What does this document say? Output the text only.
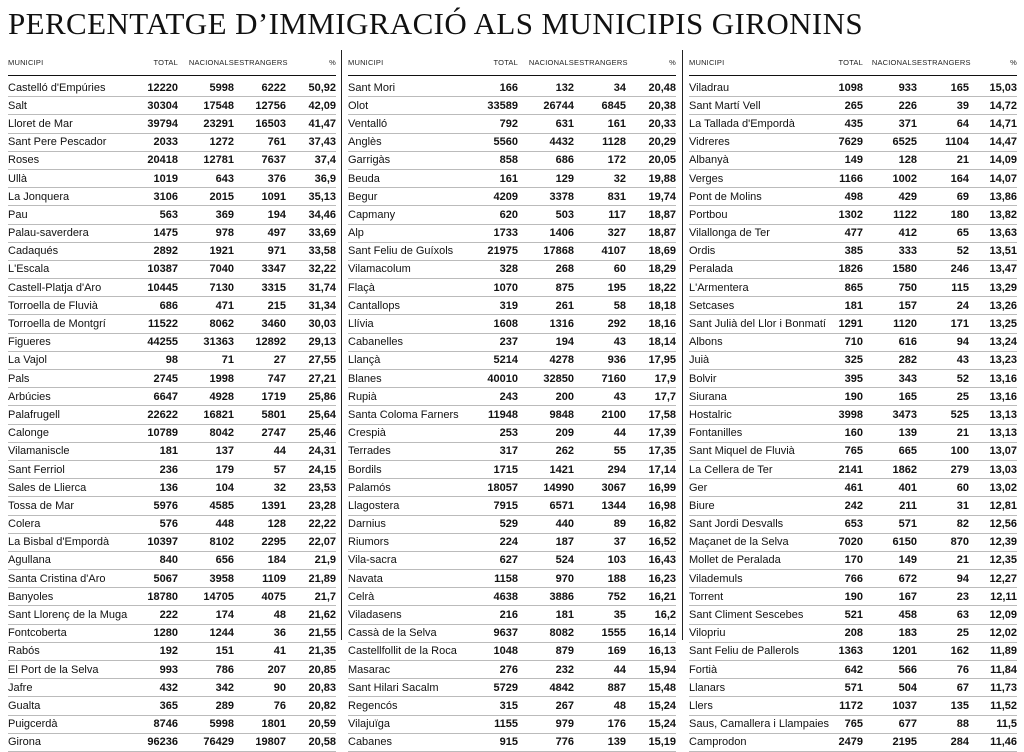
PERCENTATGE D’IMMIGRACIÓ ALS MUNICIPIS GIRONINS
MUNICIPI	TOTAL	NACIONALS ESTRANGERS	%
Castelló d'Empúries	12220	5998	6222	50,92
Salt	30304	17548	12756	42,09
Lloret de Mar	39794	23291	16503	41,47
Sant Pere Pescador	2033	1272	761	37,43
Roses	20418	12781	7637	37,4
Ullà	1019	643	376	36,9
La Jonquera	3106	2015	1091	35,13
Pau	563	369	194	34,46
Palau-saverdera	1475	978	497	33,69
Cadaqués	2892	1921	971	33,58
L'Escala	10387	7040	3347	32,22
Castell-Platja d'Aro	10445	7130	3315	31,74
Torroella de Fluvià	686	471	215	31,34
Torroella de Montgrí	11522	8062	3460	30,03
Figueres	44255	31363	12892	29,13
La Vajol	98	71	27	27,55
Pals	2745	1998	747	27,21
Arbúcies	6647	4928	1719	25,86
Palafrugell	22622	16821	5801	25,64
Calonge	10789	8042	2747	25,46
Vilamaniscle	181	137	44	24,31
Sant Ferriol	236	179	57	24,15
Sales de Llierca	136	104	32	23,53
Tossa de Mar	5976	4585	1391	23,28
Colera	576	448	128	22,22
La Bisbal d'Empordà	10397	8102	2295	22,07
Agullana	840	656	184	21,9
Santa Cristina d'Aro	5067	3958	1109	21,89
Banyoles	18780	14705	4075	21,7
Sant Llorenç de la Muga	222	174	48	21,62
Fontcoberta	1280	1244	36	21,55
Rabós	192	151	41	21,35
El Port de la Selva	993	786	207	20,85
Jafre	432	342	90	20,83
Gualta	365	289	76	20,82
Puigcerdà	8746	5998	1801	20,59
Girona	96236	76429	19807	20,58
MUNICIPI	TOTAL	NACIONALS ESTRANGERS	%
Sant Mori	166	132	34	20,48
Olot	33589	26744	6845	20,38
Ventalló	792	631	161	20,33
Anglès	5560	4432	1128	20,29
Garrigàs	858	686	172	20,05
Beuda	161	129	32	19,88
Begur	4209	3378	831	19,74
Capmany	620	503	117	18,87
Alp	1733	1406	327	18,87
Sant Feliu de Guíxols	21975	17868	4107	18,69
Vilamacolum	328	268	60	18,29
Flaçà	1070	875	195	18,22
Cantallops	319	261	58	18,18
Llívia	1608	1316	292	18,16
Cabanelles	237	194	43	18,14
Llançà	5214	4278	936	17,95
Blanes	40010	32850	7160	17,9
Rupià	243	200	43	17,7
Santa Coloma Farners	11948	9848	2100	17,58
Crespià	253	209	44	17,39
Terrades	317	262	55	17,35
Bordils	1715	1421	294	17,14
Palamós	18057	14990	3067	16,99
Llagostera	7915	6571	1344	16,98
Darnius	529	440	89	16,82
Riumors	224	187	37	16,52
Vila-sacra	627	524	103	16,43
Navata	1158	970	188	16,23
Celrà	4638	3886	752	16,21
Viladasens	216	181	35	16,2
Cassà de la Selva	9637	8082	1555	16,14
Castellfollit de la Roca	1048	879	169	16,13
Masarac	276	232	44	15,94
Sant Hilari Sacalm	5729	4842	887	15,48
Regencós	315	267	48	15,24
Vilajuïga	1155	979	176	15,24
Cabanes	915	776	139	15,19
MUNICIPI	TOTAL	NACIONALS ESTRANGERS	%
Viladrau	1098	933	165	15,03
Sant Martí Vell	265	226	39	14,72
La Tallada d'Empordà	435	371	64	14,71
Vidreres	7629	6525	1104	14,47
Albanyà	149	128	21	14,09
Verges	1166	1002	164	14,07
Pont de Molins	498	429	69	13,86
Portbou	1302	1122	180	13,82
Vilallonga de Ter	477	412	65	13,63
Ordis	385	333	52	13,51
Peralada	1826	1580	246	13,47
L'Armentera	865	750	115	13,29
Setcases	181	157	24	13,26
Sant Julià del Llor i Bonmatí	1291	1120	171	13,25
Albons	710	616	94	13,24
Juià	325	282	43	13,23
Bolvir	395	343	52	13,16
Siurana	190	165	25	13,16
Hostalric	3998	3473	525	13,13
Fontanilles	160	139	21	13,13
Sant Miquel de Fluvià	765	665	100	13,07
La Cellera de Ter	2141	1862	279	13,03
Ger	461	401	60	13,02
Biure	242	211	31	12,81
Sant Jordi Desvalls	653	571	82	12,56
Maçanet de la Selva	7020	6150	870	12,39
Mollet de Peralada	170	149	21	12,35
Vilademuls	766	672	94	12,27
Torrent	190	167	23	12,11
Sant Climent Sescebes	521	458	63	12,09
Vilopriu	208	183	25	12,02
Sant Feliu de Pallerols	1363	1201	162	11,89
Fortià	642	566	76	11,84
Llanars	571	504	67	11,73
Llers	1172	1037	135	11,52
Saus, Camallera i Llampaies	765	677	88	11,5
Camprodon	2479	2195	284	11,46
